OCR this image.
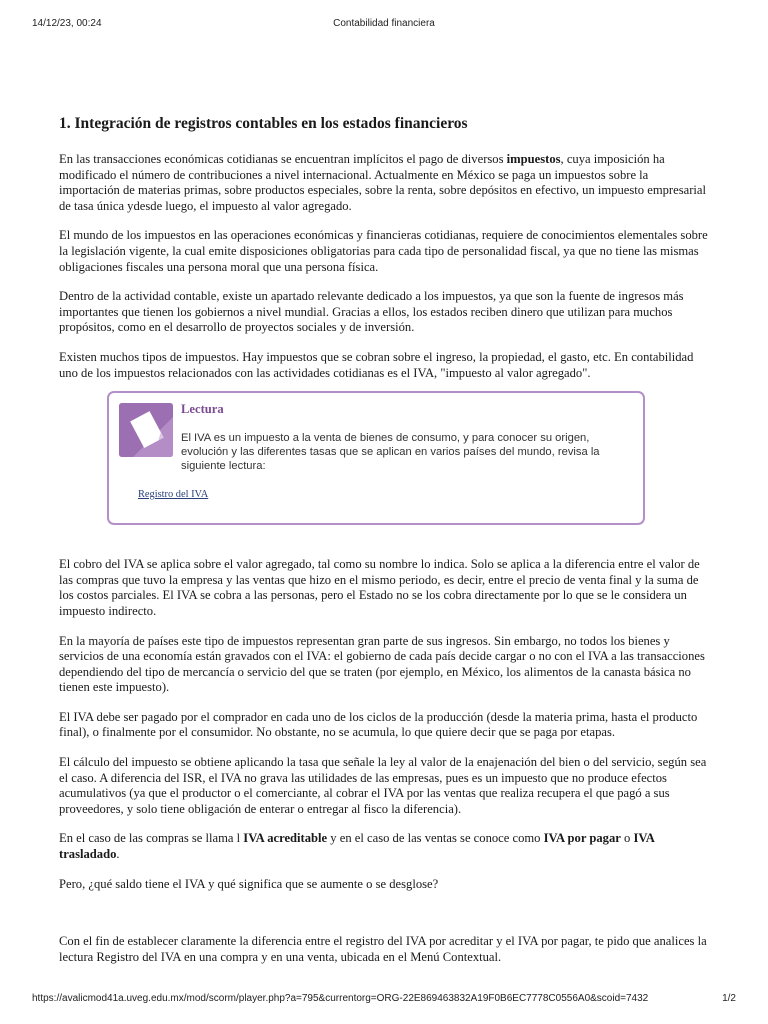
14/12/23, 00:24	Contabilidad financiera
1. Integración de registros contables en los estados financieros

En las transacciones económicas cotidianas se encuentran implícitos el pago de diversos impuestos, cuya imposición ha modificado el número de contribuciones a nivel internacional. Actualmente en México se paga un impuestos sobre la importación de materias primas, sobre productos especiales, sobre la renta, sobre depósitos en efectivo, un impuesto empresarial de tasa única ydesde luego, el impuesto al valor agregado.

El mundo de los impuestos en las operaciones económicas y financieras cotidianas, requiere de conocimientos elementales sobre la legislación vigente, la cual emite disposiciones obligatorias para cada tipo de personalidad fiscal, ya que no tiene las mismas obligaciones fiscales una persona moral que una persona física.

Dentro de la actividad contable, existe un apartado relevante dedicado a los impuestos, ya que son la fuente de ingresos más importantes que tienen los gobiernos a nivel mundial. Gracias a ellos, los estados reciben dinero que utilizan para muchos propósitos, como en el desarrollo de proyectos sociales y de inversión.

Existen muchos tipos de impuestos. Hay impuestos que se cobran sobre el ingreso, la propiedad, el gasto, etc. En contabilidad uno de los impuestos relacionados con las actividades cotidianas es el IVA, "impuesto al valor agregado".

Lectura
El IVA es un impuesto a la venta de bienes de consumo, y para conocer su origen, evolución y las diferentes tasas que se aplican en varios países del mundo, revisa la siguiente lectura:
Registro del IVA

El cobro del IVA se aplica sobre el valor agregado, tal como su nombre lo indica. Solo se aplica a la diferencia entre el valor de las compras que tuvo la empresa y las ventas que hizo en el mismo periodo, es decir, entre el precio de venta final y la suma de los costos parciales. El IVA se cobra a las personas, pero el Estado no se los cobra directamente por lo que se le considera un impuesto indirecto.

En la mayoría de países este tipo de impuestos representan gran parte de sus ingresos. Sin embargo, no todos los bienes y servicios de una economía están gravados con el IVA: el gobierno de cada país decide cargar o no con el IVA a las transacciones dependiendo del tipo de mercancía o servicio del que se traten (por ejemplo, en México, los alimentos de la canasta básica no tienen este impuesto).

El IVA debe ser pagado por el comprador en cada uno de los ciclos de la producción (desde la materia prima, hasta el producto final), o finalmente por el consumidor. No obstante, no se acumula, lo que quiere decir que se paga por etapas.

El cálculo del impuesto se obtiene aplicando la tasa que señale la ley al valor de la enajenación del bien o del servicio, según sea el caso. A diferencia del ISR, el IVA no grava las utilidades de las empresas, pues es un impuesto que no produce efectos acumulativos (ya que el productor o el comerciante, al cobrar el IVA por las ventas que realiza recupera el que pagó a sus proveedores, y solo tiene obligación de enterar o entregar al fisco la diferencia).

En el caso de las compras se llama l IVA acreditable y en el caso de las ventas se conoce como IVA por pagar o IVA trasladado.

Pero, ¿qué saldo tiene el IVA y qué significa que se aumente o se desglose?

Con el fin de establecer claramente la diferencia entre el registro del IVA por acreditar y el IVA por pagar, te pido que analices la lectura Registro del IVA en una compra y en una venta, ubicada en el Menú Contextual.

https://avalicmod41a.uveg.edu.mx/mod/scorm/player.php?a=795&currentorg=ORG-22E869463832A19F0B6EC7778C0556A0&scoid=7432	1/2
